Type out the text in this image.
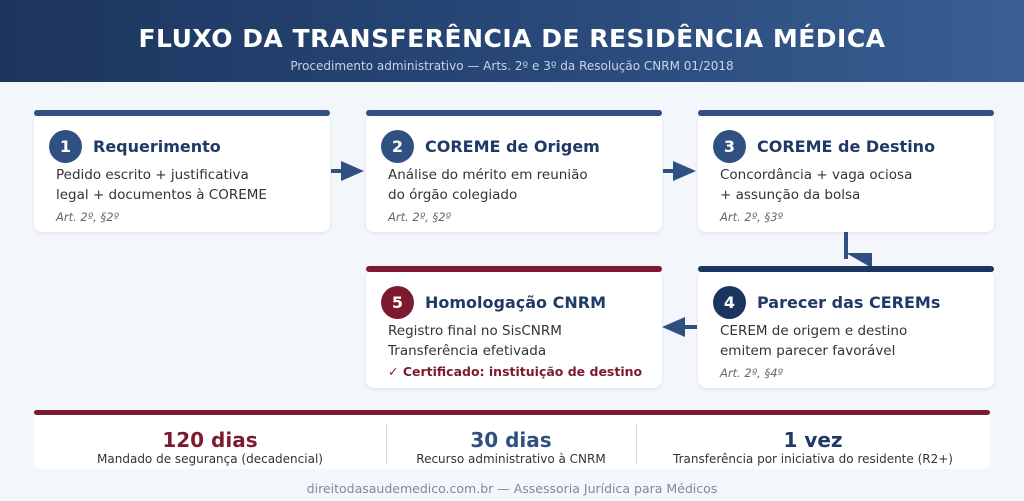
FLUXO DA TRANSFERÊNCIA DE RESIDÊNCIA MÉDICA
Procedimento administrativo — Arts. 2º e 3º da Resolução CNRM 01/2018
1	Requerimento
Pedido escrito + justificativa
legal + documentos à COREME
Art. 2º, §2º
2	COREME de Origem
Análise do mérito em reunião
do órgão colegiado
Art. 2º, §2º
3	COREME de Destino
Concordância + vaga ociosa
+ assunção da bolsa
Art. 2º, §3º
4	Parecer das CEREMs
CEREM de origem e destino
emitem parecer favorável
Art. 2º, §4º
5	Homologação CNRM
Registro final no SisCNRM
Transferência efetivada
✓ Certificado: instituição de destino
120 dias
Mandado de segurança (decadencial)
30 dias
Recurso administrativo à CNRM
1 vez
Transferência por iniciativa do residente (R2+)
direitodasaudemedico.com.br — Assessoria Jurídica para Médicos
